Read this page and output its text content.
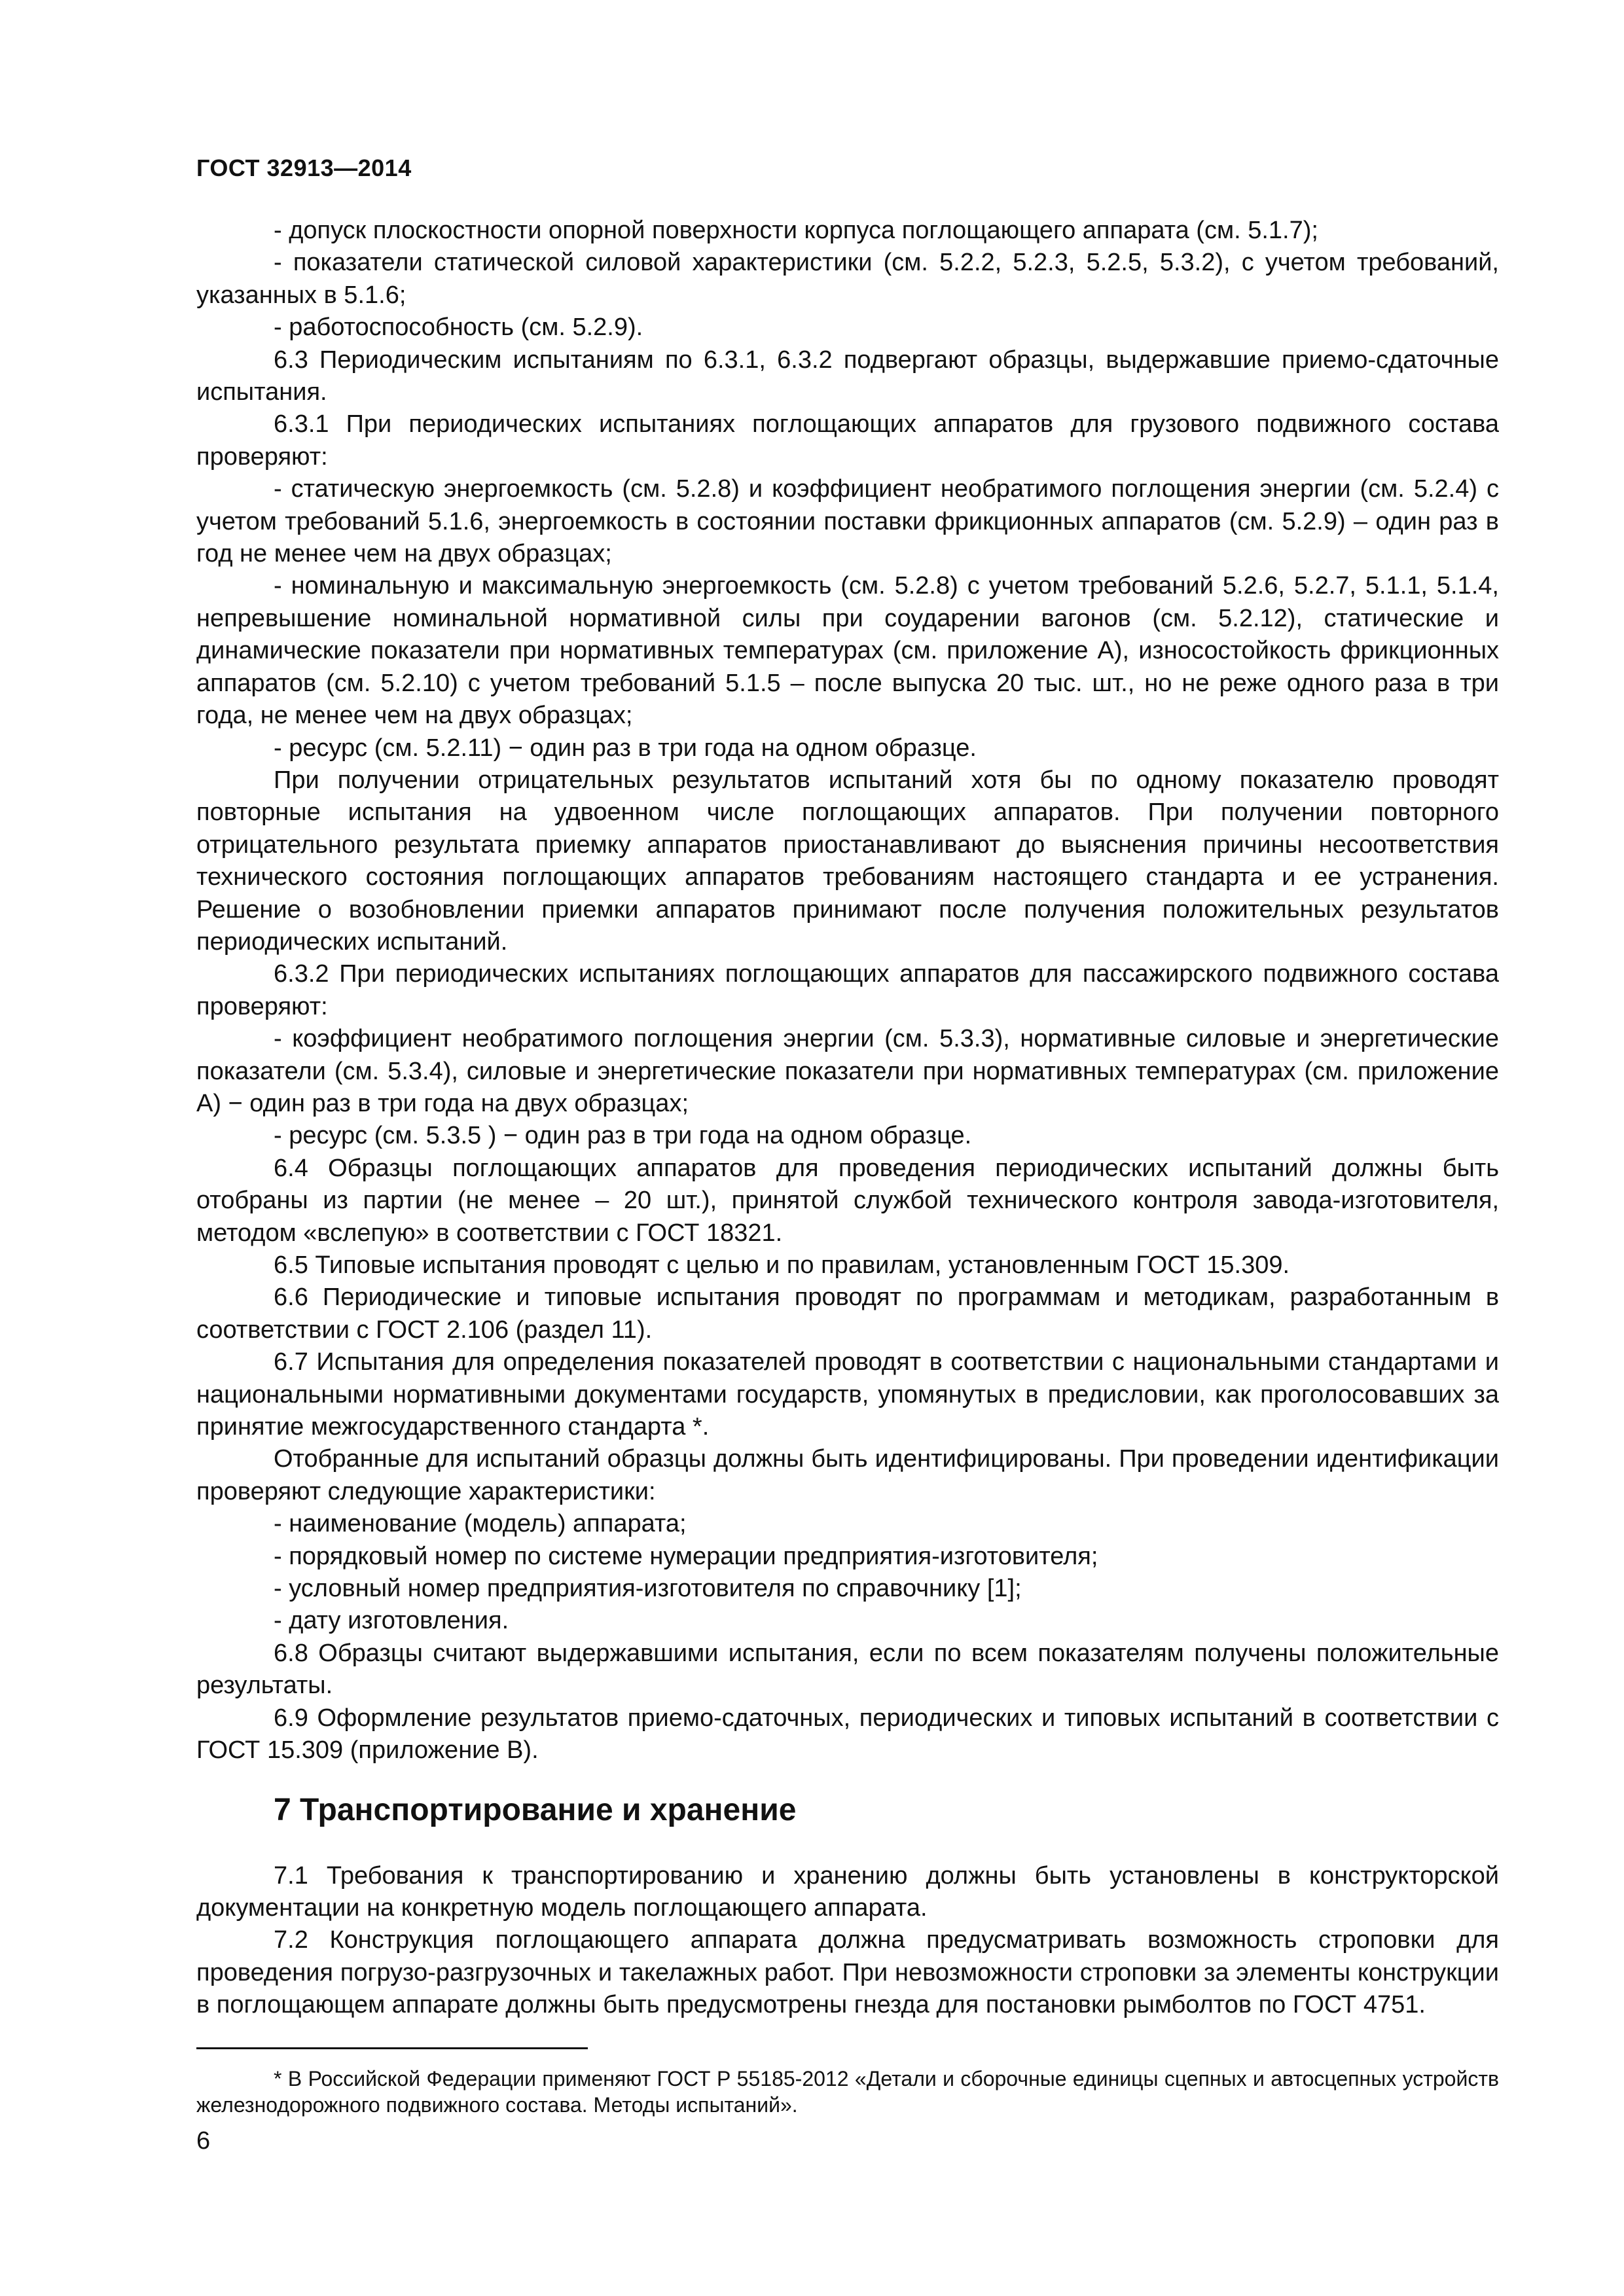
ГОСТ 32913—2014

- допуск плоскостности опорной поверхности корпуса поглощающего аппарата (см. 5.1.7);

- показатели статической силовой характеристики (см. 5.2.2, 5.2.3, 5.2.5, 5.3.2), с учетом требований, указанных в 5.1.6;

- работоспособность (см. 5.2.9).

6.3 Периодическим испытаниям по 6.3.1, 6.3.2 подвергают образцы, выдержавшие приемо-сдаточные испытания.

6.3.1 При периодических испытаниях поглощающих аппаратов для грузового подвижного состава проверяют:

- статическую энергоемкость (см. 5.2.8) и коэффициент необратимого поглощения энергии (см. 5.2.4) с учетом требований 5.1.6, энергоемкость в состоянии поставки фрикционных аппаратов (см. 5.2.9) – один раз в год не менее чем на двух образцах;

- номинальную и максимальную энергоемкость (см. 5.2.8) с учетом требований 5.2.6, 5.2.7, 5.1.1, 5.1.4, непревышение номинальной нормативной силы при соударении вагонов (см. 5.2.12), статические и динамические показатели при нормативных температурах (см. приложение А), износостойкость фрикционных аппаратов (см. 5.2.10) с учетом требований 5.1.5 – после выпуска 20 тыс. шт., но не реже одного раза в три года, не менее чем на двух образцах;

- ресурс (см. 5.2.11) − один раз в три года на одном образце.

При получении отрицательных результатов испытаний хотя бы по одному показателю проводят повторные испытания на удвоенном числе поглощающих аппаратов. При получении повторного отрицательного результата приемку аппаратов приостанавливают до выяснения причины несоответствия технического состояния поглощающих аппаратов требованиям настоящего стандарта и ее устранения. Решение о возобновлении приемки аппаратов принимают после получения положительных результатов периодических испытаний.

6.3.2 При периодических испытаниях поглощающих аппаратов для пассажирского подвижного состава проверяют:

- коэффициент необратимого поглощения энергии (см. 5.3.3), нормативные силовые и энергетические показатели (см. 5.3.4), силовые и энергетические показатели при нормативных температурах (см. приложение А) − один раз в три года на двух образцах;

- ресурс (см. 5.3.5 ) − один раз в три года на одном образце.

6.4 Образцы поглощающих аппаратов для проведения периодических испытаний должны быть отобраны из партии (не менее – 20 шт.), принятой службой технического контроля завода-изготовителя, методом «вслепую» в соответствии с ГОСТ 18321.

6.5 Типовые испытания проводят с целью и по правилам, установленным ГОСТ 15.309.

6.6 Периодические и типовые испытания проводят по программам и методикам, разработанным в соответствии с ГОСТ 2.106 (раздел 11).

6.7 Испытания для определения показателей проводят в соответствии с национальными стандартами и национальными нормативными документами государств, упомянутых в предисловии, как проголосовавших за принятие межгосударственного стандарта *.

Отобранные для испытаний образцы должны быть идентифицированы. При проведении идентификации проверяют следующие характеристики:

- наименование (модель) аппарата;

- порядковый номер по системе нумерации предприятия-изготовителя;

- условный номер предприятия-изготовителя по справочнику [1];

- дату изготовления.

6.8 Образцы считают выдержавшими испытания, если по всем показателям получены положительные результаты.

6.9 Оформление результатов приемо-сдаточных, периодических и типовых испытаний в соответствии с ГОСТ 15.309 (приложение В).

7 Транспортирование и хранение

7.1 Требования к транспортированию и хранению должны быть установлены в конструкторской документации на конкретную модель поглощающего аппарата.

7.2 Конструкция поглощающего аппарата должна предусматривать возможность строповки для проведения погрузо-разгрузочных и такелажных работ. При невозможности строповки за элементы конструкции в поглощающем аппарате должны быть предусмотрены гнезда для постановки рымболтов по ГОСТ 4751.

* В Российской Федерации применяют ГОСТ Р 55185-2012 «Детали и сборочные единицы сцепных и автосцепных устройств железнодорожного подвижного состава. Методы испытаний».
6
